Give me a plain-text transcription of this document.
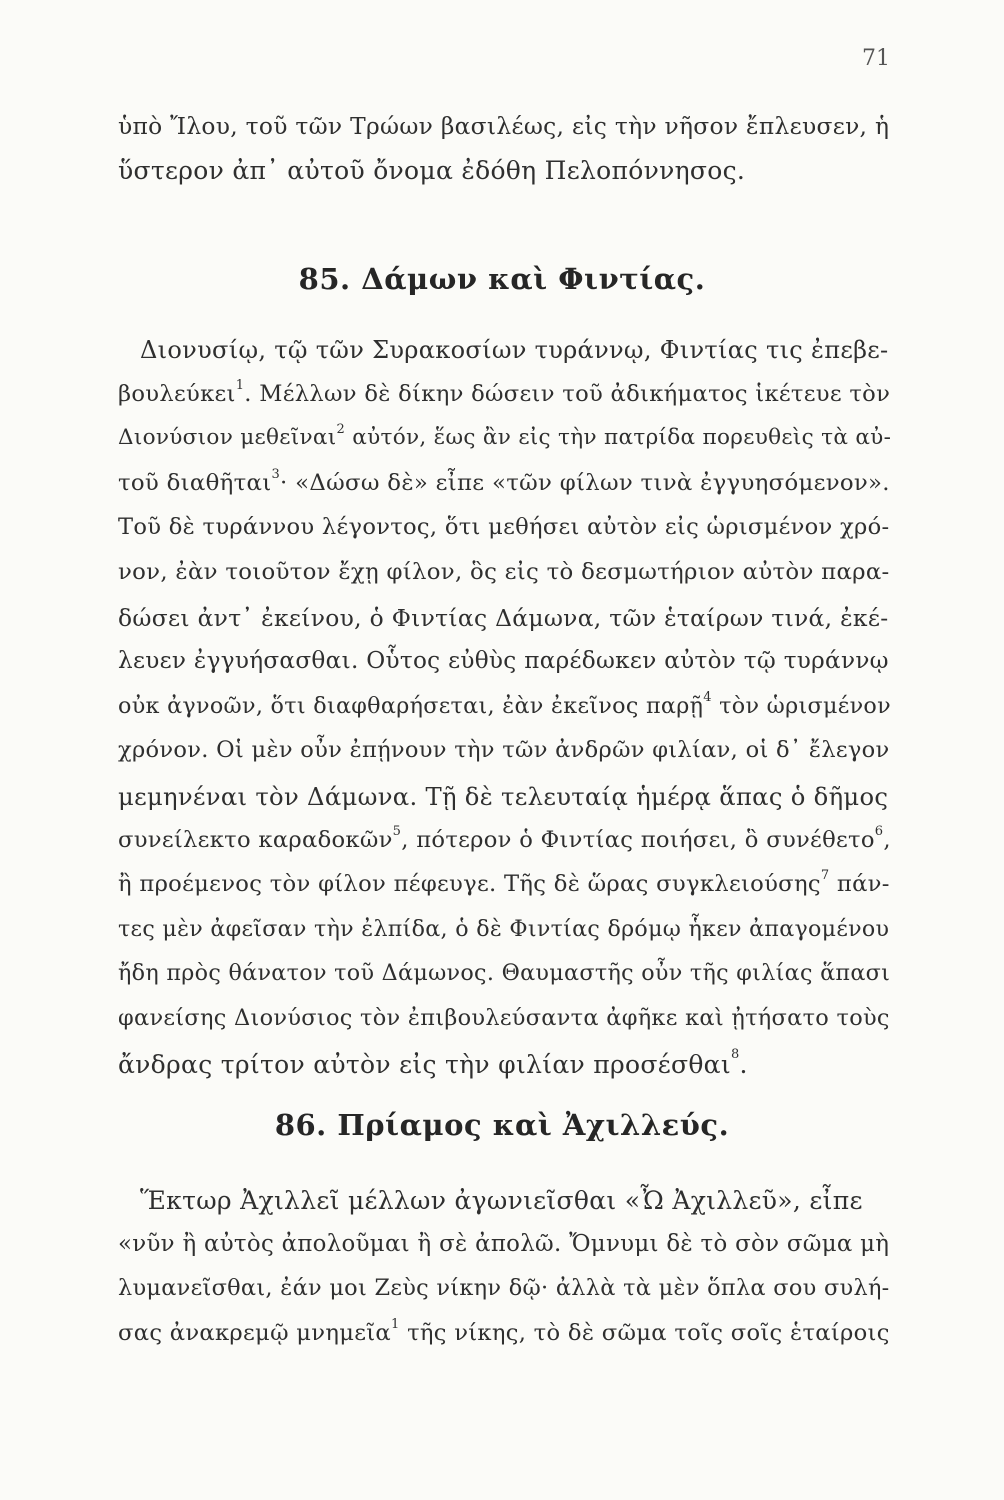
71
ὑπὸ Ἴλου, τοῦ τῶν Τρώων βασιλέως, εἰς τὴν νῆσον ἔπλευσεν, ἡ
ὕστερον ἀπ᾽ αὐτοῦ ὄνομα ἐδόθη Πελοπόννησος.
85. Δάμων καὶ Φιντίας.
Διονυσίῳ, τῷ τῶν Συρακοσίων τυράννῳ, Φιντίας τις ἐπεβε-
βουλεύκει$^1$. Μέλλων δὲ δίκην δώσειν τοῦ ἀδικήματος ἱκέτευε τὸν
Διονύσιον μεθεῖναι$^2$ αὐτόν, ἕως ἂν εἰς τὴν πατρίδα πορευθεὶς τὰ αὐ-
τοῦ διαθῆται$^3$· «Δώσω δὲ» εἶπε «τῶν φίλων τινὰ ἐγγυησόμενον».
Τοῦ δὲ τυράννου λέγοντος, ὅτι μεθήσει αὐτὸν εἰς ὡρισμένον χρό-
νον, ἐὰν τοιοῦτον ἔχῃ φίλον, ὃς εἰς τὸ δεσμωτήριον αὐτὸν παρα-
δώσει ἀντ᾽ ἐκείνου, ὁ Φιντίας Δάμωνα, τῶν ἑταίρων τινά, ἐκέ-
λευεν ἐγγυήσασθαι. Οὗτος εὐθὺς παρέδωκεν αὐτὸν τῷ τυράννῳ
οὐκ ἀγνοῶν, ὅτι διαφθαρήσεται, ἐὰν ἐκεῖνος παρῇ$^4$ τὸν ὡρισμένον
χρόνον. Οἱ μὲν οὖν ἐπῄνουν τὴν τῶν ἀνδρῶν φιλίαν, οἱ δ᾽ ἔλεγον
μεμηνέναι τὸν Δάμωνα. Τῇ δὲ τελευταίᾳ ἡμέρᾳ ἅπας ὁ δῆμος
συνείλεκτο καραδοκῶν$^5$, πότερον ὁ Φιντίας ποιήσει, ὃ συνέθετο$^6$,
ἢ προέμενος τὸν φίλον πέφευγε. Τῆς δὲ ὥρας συγκλειούσης$^7$ πάν-
τες μὲν ἀφεῖσαν τὴν ἐλπίδα, ὁ δὲ Φιντίας δρόμῳ ἧκεν ἀπαγομένου
ἤδη πρὸς θάνατον τοῦ Δάμωνος. Θαυμαστῆς οὖν τῆς φιλίας ἅπασι
φανείσης Διονύσιος τὸν ἐπιβουλεύσαντα ἀφῆκε καὶ ᾐτήσατο τοὺς
ἄνδρας τρίτον αὐτὸν εἰς τὴν φιλίαν προσέσθαι$^8$.
86. Πρίαμος καὶ Ἀχιλλεύς.
Ἕκτωρ Ἀχιλλεῖ μέλλων ἀγωνιεῖσθαι «Ὦ Ἀχιλλεῦ», εἶπε
«νῦν ἢ αὐτὸς ἀπολοῦμαι ἢ σὲ ἀπολῶ. Ὄμνυμι δὲ τὸ σὸν σῶμα μὴ
λυμανεῖσθαι, ἐάν μοι Ζεὺς νίκην δῷ· ἀλλὰ τὰ μὲν ὅπλα σου συλή-
σας ἀνακρεμῷ μνημεῖα$^1$ τῆς νίκης, τὸ δὲ σῶμα τοῖς σοῖς ἑταίροις
